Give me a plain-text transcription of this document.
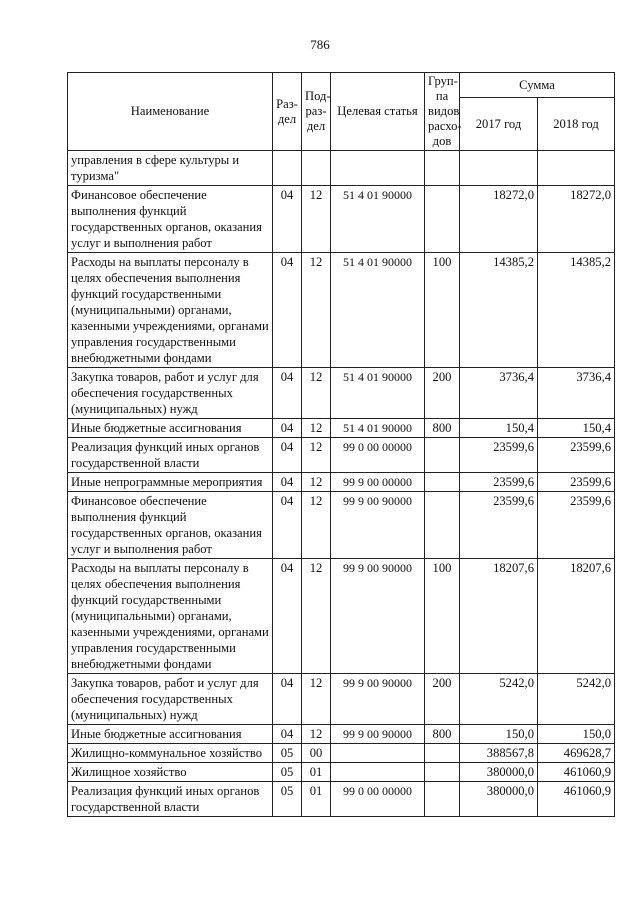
786
Наименование	Раз-дел	Под-раз-дел	Целевая статья	Груп-па видов расхо-дов	Сумма	
					2017 год	2018 год
управления в сфере культуры и туризма"						
Финансовое обеспечение выполнения функций государственных органов, оказания услуг и выполнения работ	04	12	51 4 01 90000		18272,0	18272,0
Расходы на выплаты персоналу в целях обеспечения выполнения функций государственными (муниципальными) органами, казенными учреждениями, органами управления государственными внебюджетными фондами	04	12	51 4 01 90000	100	14385,2	14385,2
Закупка товаров, работ и услуг для обеспечения государственных (муниципальных) нужд	04	12	51 4 01 90000	200	3736,4	3736,4
Иные бюджетные ассигнования	04	12	51 4 01 90000	800	150,4	150,4
Реализация функций иных органов государственной власти	04	12	99 0 00 00000		23599,6	23599,6
Иные непрограммные мероприятия	04	12	99 9 00 00000		23599,6	23599,6
Финансовое обеспечение выполнения функций государственных органов, оказания услуг и выполнения работ	04	12	99 9 00 90000		23599,6	23599,6
Расходы на выплаты персоналу в целях обеспечения выполнения функций государственными (муниципальными) органами, казенными учреждениями, органами управления государственными внебюджетными фондами	04	12	99 9 00 90000	100	18207,6	18207,6
Закупка товаров, работ и услуг для обеспечения государственных (муниципальных) нужд	04	12	99 9 00 90000	200	5242,0	5242,0
Иные бюджетные ассигнования	04	12	99 9 00 90000	800	150,0	150,0
Жилищно-коммунальное хозяйство	05	00			388567,8	469628,7
Жилищное хозяйство	05	01			380000,0	461060,9
Реализация функций иных органов государственной власти	05	01	99 0 00 00000		380000,0	461060,9
